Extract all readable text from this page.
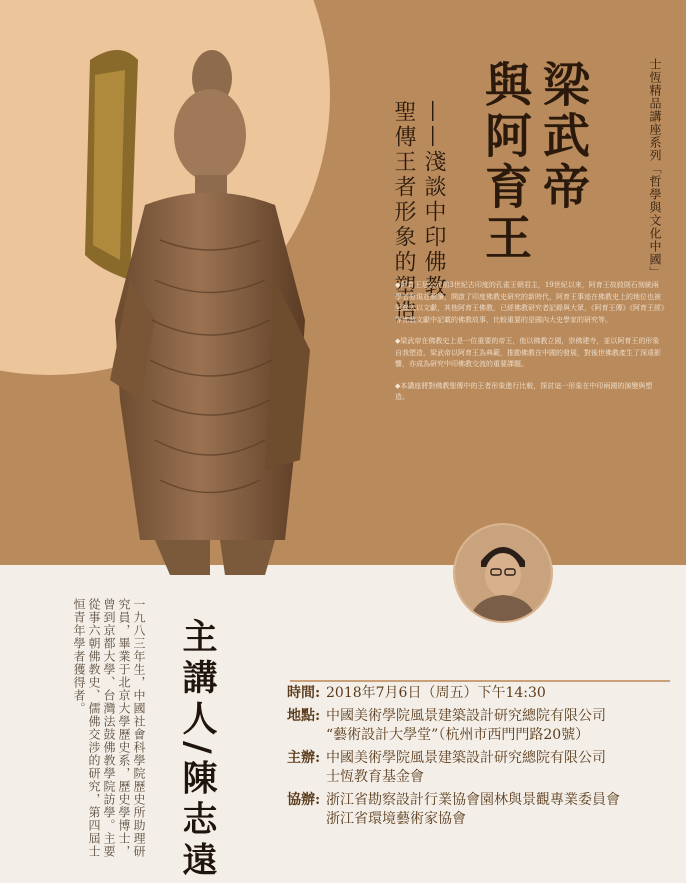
梁武帝
與阿育王	士恆精品講座系列「哲學與文化中國」
——淺談中印佛教
聖傳王者形象的塑造

◆阿育王是公元前3世紀古印度的孔雀王朝君主，19世紀以來，阿育王故敘則石刻統兩學者發現並解讀，開啟了印度佛教史研究的新時代，阿育王事迹在佛教史上的地位也被記錄入以文獻，其他阿育王佛教，已經佛教研究者記錄與大眾，《阿育王傳》《阿育王經》等佛教文獻中記載的佛教故事，比較重要的是國內大史學家的研究等。

◆梁武帝在佛教史上是一位重要的帝王，他以佛教立國，崇佛建寺，並以阿育王的形象自我塑造，梁武帝以阿育王為典範，推動佛教在中國的發展，對後世佛教產生了深遠影響，亦成為研究中印佛教交流的重要課題。

◆本講座將對佛教聖傳中的王者形象進行比較，探討這一形象在中印兩國的演變與塑造。

主講人/陳志遠
一九八三年生，中國社會科學院歷史所助理研究員，畢業于北京大學歷史系，歷史學博士，曾到京都大學、台灣法鼓佛教學院訪學。主要從事六朝佛教史、儒佛交涉的研究，第四屆士恒青年學者獲得者。	時間: 2018年7月6日（周五）下午14:30
地點: 中國美術學院風景建築設計研究總院有限公司
“藝術設計大學堂”（杭州市西門門路20號）
主辦: 中國美術學院風景建築設計研究總院有限公司
士恆教育基金會
協辦: 浙江省勘察設計行業協會園林與景觀專業委員會
浙江省環境藝術家協會
